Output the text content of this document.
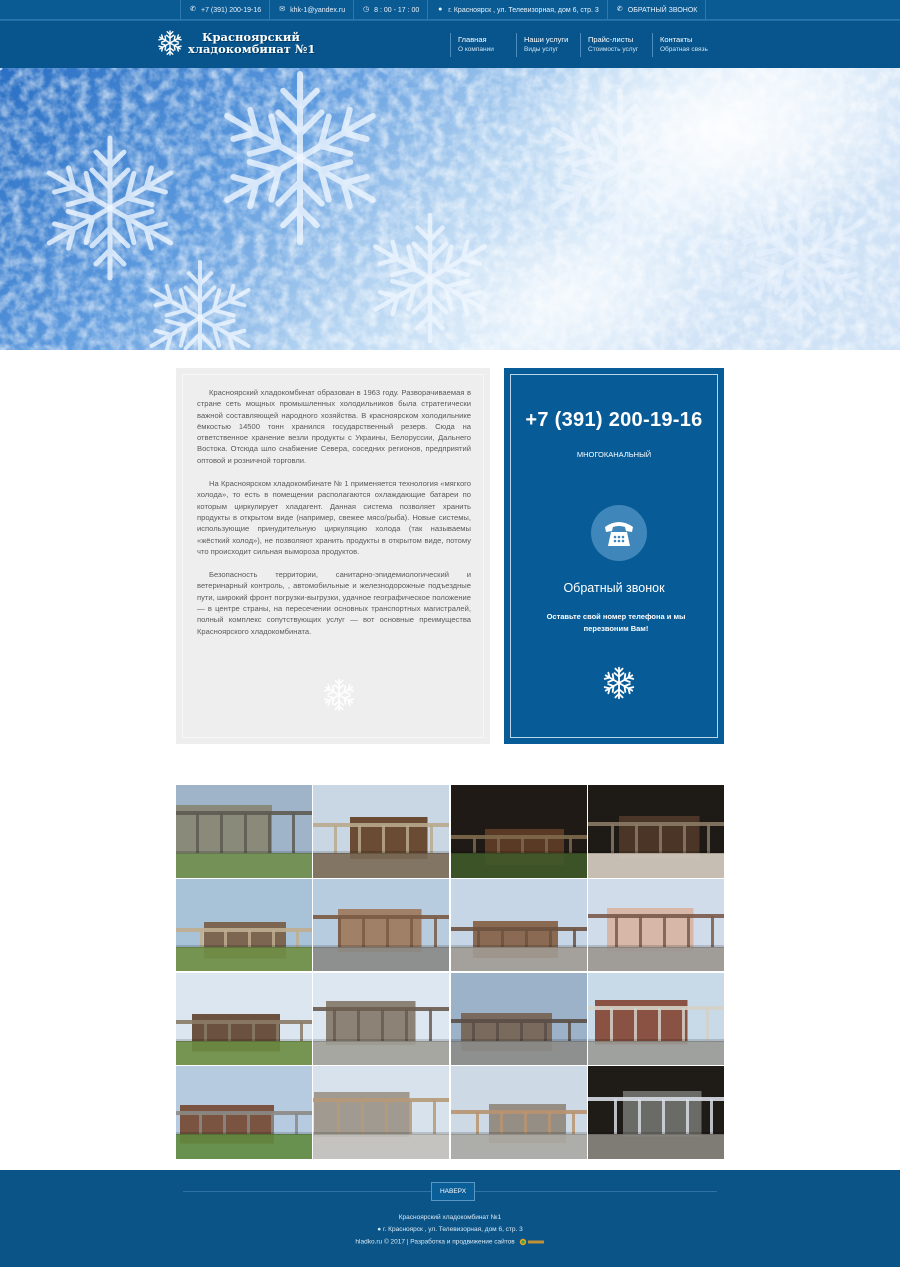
✆ +7 (391) 200-19-16	✉ khk-1@yandex.ru	◷ 8 : 00 - 17 : 00	● г. Красноярск , ул. Телевизорная, дом 6, стр. 3	✆ ОБРАТНЫЙ ЗВОНОК
Красноярский
хладокомбинат №1
Главная
О компании
Наши услуги
Виды услуг
Прайс-листы
Стоимость услуг
Контакты
Обратная связь

Красноярский хладокомбинат образован в 1963 году. Разворачиваемая в стране сеть мощных промышленных холодильников была стратегически важной составляющей народного хозяйства. В красноярском холодильнике ёмкостью 14500 тонн хранился государственный резерв. Сюда на ответственное хранение везли продукты с Украины, Белоруссии, Дальнего Востока. Отсюда шло снабжение Севера, соседних регионов, предприятий оптовой и розничной торговли.

На Красноярском хладокомбинате № 1 применяется технология «мягкого холода», то есть в помещении располагаются охлаждающие батареи по которым циркулирует хладагент. Данная система позволяет хранить продукты в открытом виде (например, свежее мясо/рыба). Новые системы, использующие принудительную циркуляцию холода (так называемы «жёсткий холод»), не позволяют хранить продукты в открытом виде, потому что происходит сильная вымороза продуктов.

Безопасность территории, санитарно-эпидемиологический и ветеринарный контроль, , автомобильные и железнодорожные подъездные пути, широкий фронт погрузки-выгрузки, удачное географическое положение — в центре страны, на пересечении основных транспортных магистралей, полный комплекс сопутствующих услуг — вот основные преимущества Красноярского хладокомбината.

+7 (391) 200-19-16
МНОГОКАНАЛЬНЫЙ
Обратный звонок
Оставьте свой номер телефона и мы перезвоним Вам!
НАВЕРХ
Красноярский хладокомбинат №1
● г. Красноярск , ул. Телевизорная, дом 6, стр. 3
hladko.ru © 2017 | Разработка и продвижение сайтов
